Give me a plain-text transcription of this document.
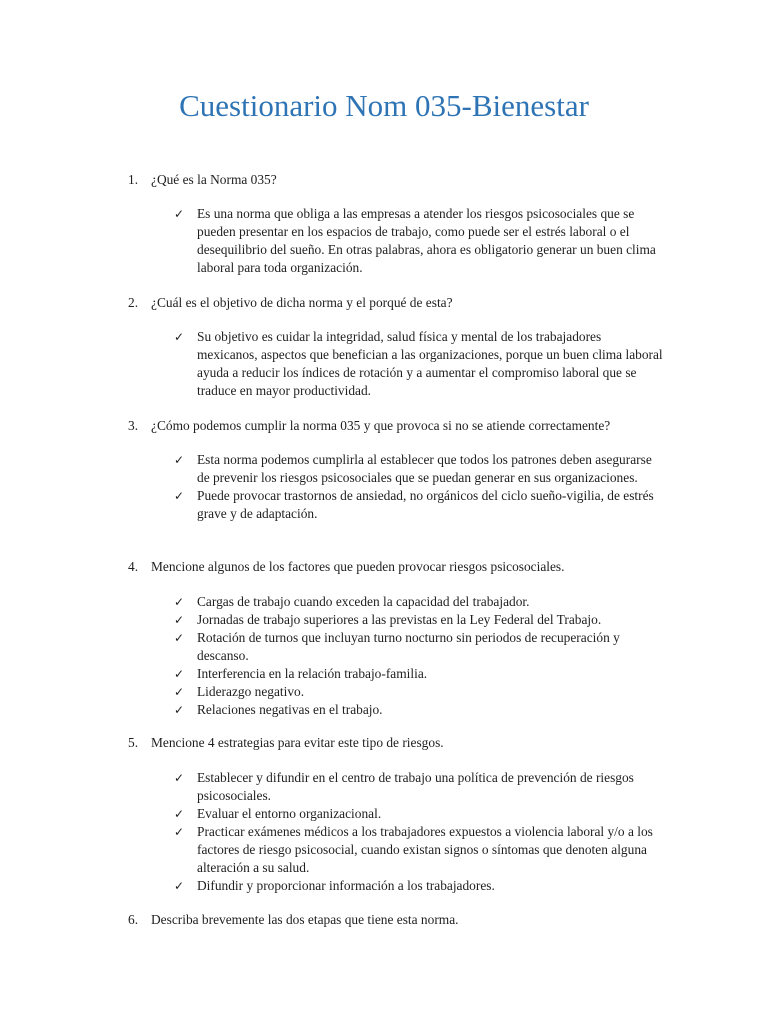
Cuestionario Nom 035-Bienestar
1. ¿Qué es la Norma 035?
✓ Es una norma que obliga a las empresas a atender los riesgos psicosociales que se pueden presentar en los espacios de trabajo, como puede ser el estrés laboral o el desequilibrio del sueño. En otras palabras, ahora es obligatorio generar un buen clima laboral para toda organización.
2. ¿Cuál es el objetivo de dicha norma y el porqué de esta?
✓ Su objetivo es cuidar la integridad, salud física y mental de los trabajadores mexicanos, aspectos que benefician a las organizaciones, porque un buen clima laboral ayuda a reducir los índices de rotación y a aumentar el compromiso laboral que se traduce en mayor productividad.
3. ¿Cómo podemos cumplir la norma 035 y que provoca si no se atiende correctamente?
✓ Esta norma podemos cumplirla al establecer que todos los patrones deben asegurarse de prevenir los riesgos psicosociales que se puedan generar en sus organizaciones.
✓ Puede provocar trastornos de ansiedad, no orgánicos del ciclo sueño-vigilia, de estrés grave y de adaptación.
4. Mencione algunos de los factores que pueden provocar riesgos psicosociales.
✓ Cargas de trabajo cuando exceden la capacidad del trabajador.
✓ Jornadas de trabajo superiores a las previstas en la Ley Federal del Trabajo.
✓ Rotación de turnos que incluyan turno nocturno sin periodos de recuperación y descanso.
✓ Interferencia en la relación trabajo-familia.
✓ Liderazgo negativo.
✓ Relaciones negativas en el trabajo.
5. Mencione 4 estrategias para evitar este tipo de riesgos.
✓ Establecer y difundir en el centro de trabajo una política de prevención de riesgos psicosociales.
✓ Evaluar el entorno organizacional.
✓ Practicar exámenes médicos a los trabajadores expuestos a violencia laboral y/o a los factores de riesgo psicosocial, cuando existan signos o síntomas que denoten alguna alteración a su salud.
✓ Difundir y proporcionar información a los trabajadores.
6. Describa brevemente las dos etapas que tiene esta norma.
